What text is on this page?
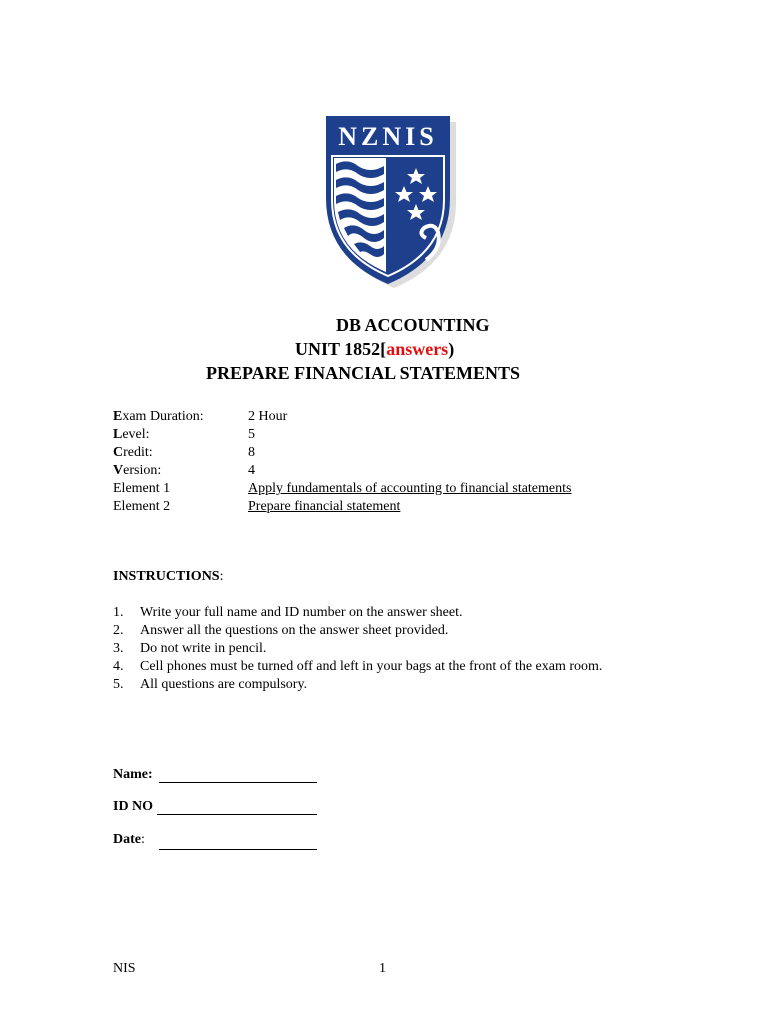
NZNIS
DB ACCOUNTING
UNIT 1852[answers)
PREPARE FINANCIAL STATEMENTS
Exam Duration:	2 Hour
Level:	5
Credit:	8
Version:	4
Element 1	Apply fundamentals of accounting to financial statements
Element 2	Prepare financial statement
INSTRUCTIONS:
1. Write your full name and ID number on the answer sheet.
2. Answer all the questions on the answer sheet provided.
3. Do not write in pencil.
4. Cell phones must be turned off and left in your bags at the front of the exam room.
5. All questions are compulsory.
Name:
ID NO
Date:
NIS	1
